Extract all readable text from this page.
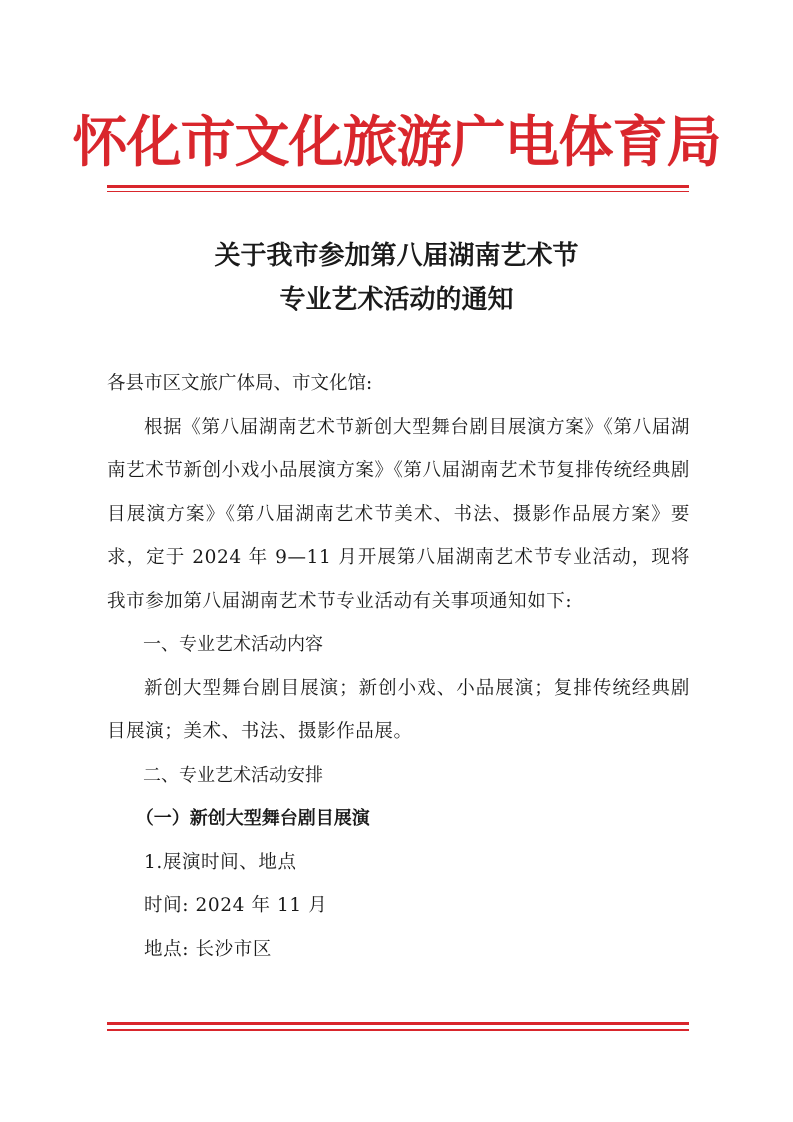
怀化市文化旅游广电体育局
关于我市参加第八届湖南艺术节
专业艺术活动的通知

各县市区文旅广体局、市文化馆:

根据《第八届湖南艺术节新创大型舞台剧目展演方案》《第八届湖南艺术节新创小戏小品展演方案》《第八届湖南艺术节复排传统经典剧目展演方案》《第八届湖南艺术节美术、书法、摄影作品展方案》要求，定于 2024 年 9—11 月开展第八届湖南艺术节专业活动，现将我市参加第八届湖南艺术节专业活动有关事项通知如下:

一、专业艺术活动内容

新创大型舞台剧目展演；新创小戏、小品展演；复排传统经典剧目展演；美术、书法、摄影作品展。

二、专业艺术活动安排

（一）新创大型舞台剧目展演

1.展演时间、地点

时间: 2024 年 11 月

地点: 长沙市区
